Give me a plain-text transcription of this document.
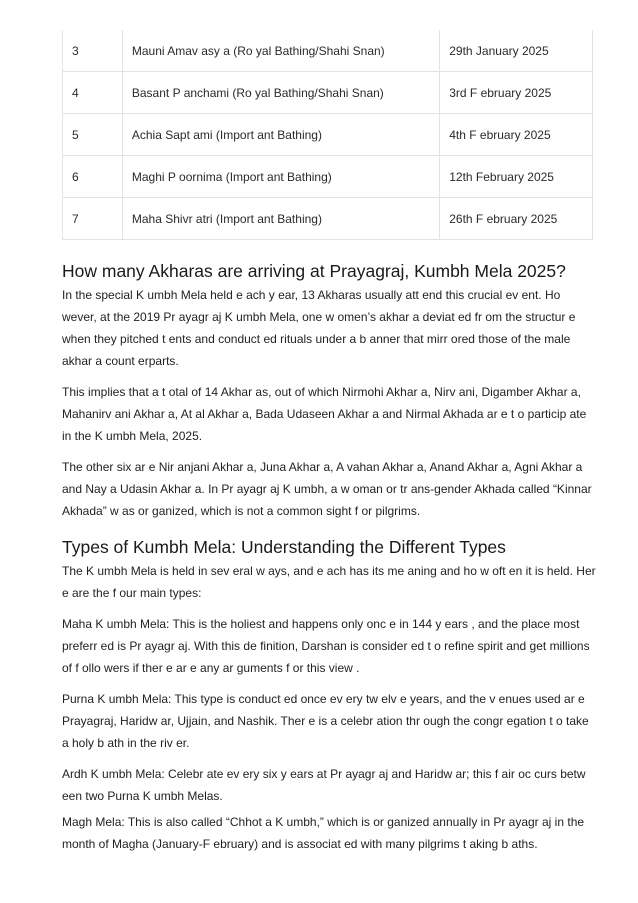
3	Mauni Amav asy a (Ro yal Bathing/Shahi Snan)	29th January 2025
4	Basant P anchami (Ro yal Bathing/Shahi Snan)	3rd F ebruary 2025
5	Achia Sapt ami (Import ant Bathing)	4th F ebruary 2025
6	Maghi P oornima (Import ant Bathing)	12th February 2025
7	Maha Shivr atri (Import ant Bathing)	26th F ebruary 2025
How many Akharas are arriving at Prayagraj, Kumbh Mela 2025?

In the special K umbh Mela held e ach y ear, 13 Akharas usually att end this crucial ev ent. Ho wever, at the 2019 Pr ayagr aj K umbh Mela, one w omen’s akhar a deviat ed fr om the structur e when they pitched t ents and conduct ed rituals under a b anner that mirr ored those of the male akhar a count erparts.

This implies that a t otal of 14 Akhar as, out of which Nirmohi Akhar a, Nirv ani, Digamber Akhar a, Mahanirv ani Akhar a, At al Akhar a, Bada Udaseen Akhar a and Nirmal Akhada ar e t o particip ate in the K umbh Mela, 2025.

The other six ar e Nir anjani Akhar a, Juna Akhar a, A vahan Akhar a, Anand Akhar a, Agni Akhar a and Nay a Udasin Akhar a. In Pr ayagr aj K umbh, a w oman or tr ans-gender Akhada called “Kinnar Akhada” w as or ganized, which is not a common sight f or pilgrims.

Types of Kumbh Mela: Understanding the Different Types

The K umbh Mela is held in sev eral w ays, and e ach has its me aning and ho w oft en it is held. Her e are the f our main types:

Maha K umbh Mela: This is the holiest and happens only onc e in 144 y ears , and the place most preferr ed is Pr ayagr aj. With this de finition, Darshan is consider ed t o refine spirit and get millions of f ollo wers if ther e ar e any ar guments f or this view .

Purna K umbh Mela: This type is conduct ed once ev ery tw elv e years, and the v enues used ar e Prayagraj, Haridw ar, Ujjain, and Nashik. Ther e is a celebr ation thr ough the congr egation t o take a holy b ath in the riv er.

Ardh K umbh Mela: Celebr ate ev ery six y ears at Pr ayagr aj and Haridw ar; this f air oc curs betw een two Purna K umbh Melas.

Magh Mela: This is also called “Chhot a K umbh,” which is or ganized annually in Pr ayagr aj in the month of Magha (January-F ebruary) and is associat ed with many pilgrims t aking b aths.
